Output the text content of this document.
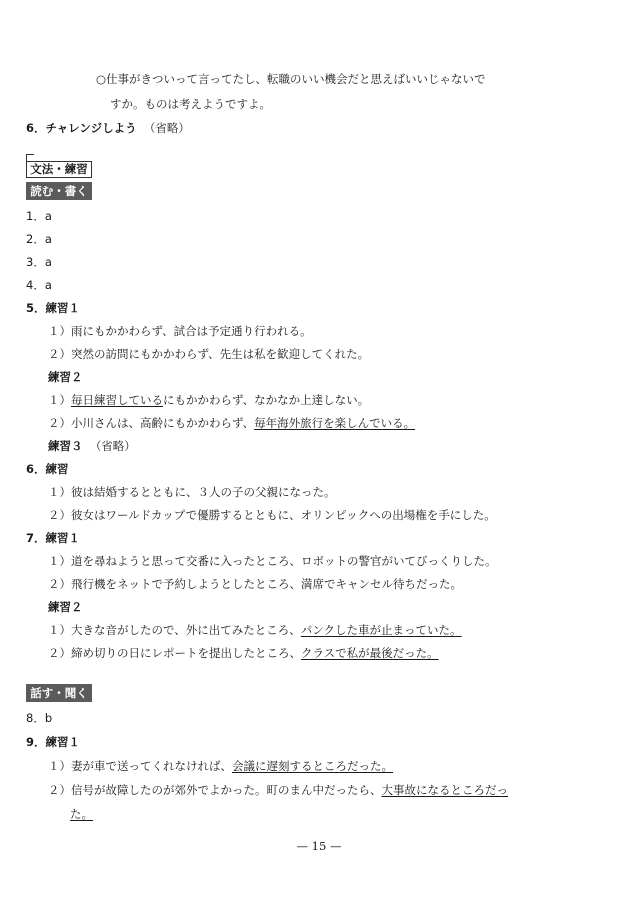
○仕事がきついって言ってたし、転職のいい機会だと思えばいいじゃないで
すか。ものは考えようですよ。
6．チャレンジしよう （省略）
文法・練習
読む・書く
1．a
2．a
3．a
4．a
5．練習１
１）雨にもかかわらず、試合は予定通り行われる。
２）突然の訪問にもかかわらず、先生は私を歓迎してくれた。
練習２
１）毎日練習しているにもかかわらず、なかなか上達しない。
２）小川さんは、高齢にもかかわらず、毎年海外旅行を楽しんでいる。
練習３ （省略）
6．練習
１）彼は結婚するとともに、３人の子の父親になった。
２）彼女はワールドカップで優勝するとともに、オリンピックへの出場権を手にした。
7．練習１
１）道を尋ねようと思って交番に入ったところ、ロボットの警官がいてびっくりした。
２）飛行機をネットで予約しようとしたところ、満席でキャンセル待ちだった。
練習２
１）大きな音がしたので、外に出てみたところ、パンクした車が止まっていた。
２）締め切りの日にレポートを提出したところ、クラスで私が最後だった。
話す・聞く
8．b
9．練習１
１）妻が車で送ってくれなければ、会議に遅刻するところだった。
２）信号が故障したのが郊外でよかった。町のまん中だったら、大事故になるところだっ
た。
— 15 —
